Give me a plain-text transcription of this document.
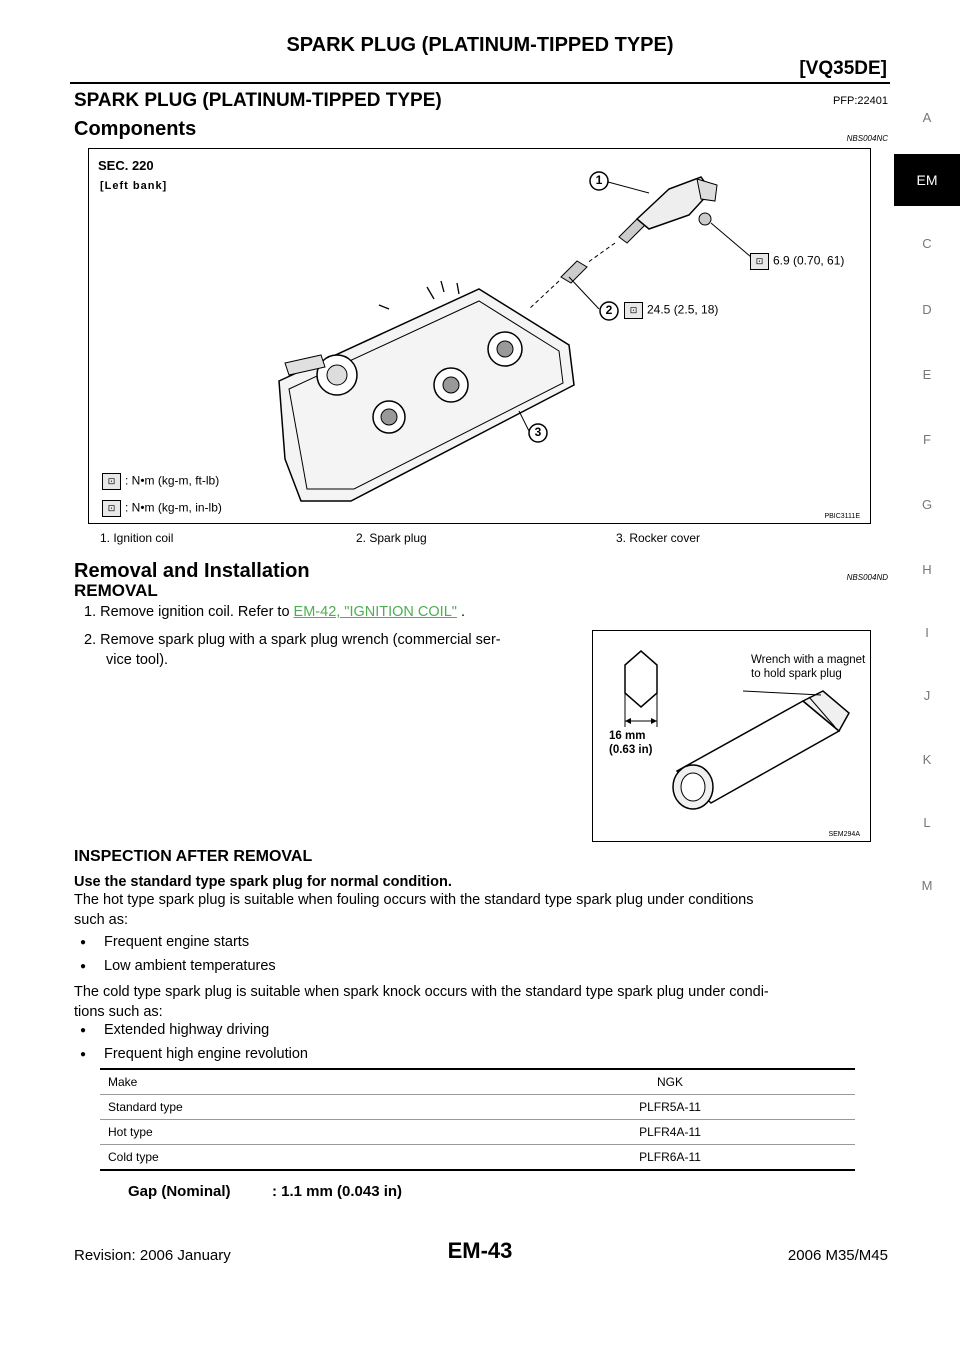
SPARK PLUG (PLATINUM-TIPPED TYPE)
[VQ35DE]
A
EM
C
D
E
F
G
H
I
J
K
L
M
SPARK PLUG (PLATINUM-TIPPED TYPE)	PFP:22401
Components	NBS004NC
SEC. 220
[Left bank]	1
2
3
⊡ 6.9 (0.70, 61)
⊡ 24.5 (2.5, 18)
⊡ : N•m (kg-m, ft-lb)
⊡ : N•m (kg-m, in-lb)
PBIC3111E
1. Ignition coil	2. Spark plug	3. Rocker cover
Removal and Installation	NBS004ND
REMOVAL
1. Remove ignition coil. Refer to EM-42, "IGNITION COIL" .
2. Remove spark plug with a spark plug wrench (commercial ser-
vice tool).	Wrench with a magnet
to hold spark plug
16 mm
(0.63 in)
SEM294A
INSPECTION AFTER REMOVAL
Use the standard type spark plug for normal condition.
The hot type spark plug is suitable when fouling occurs with the standard type spark plug under conditions
such as:
● Frequent engine starts
● Low ambient temperatures
The cold type spark plug is suitable when spark knock occurs with the standard type spark plug under condi-
tions such as:
● Extended highway driving
● Frequent high engine revolution
Make	NGK
Standard type	PLFR5A-11
Hot type	PLFR4A-11
Cold type	PLFR6A-11
Gap (Nominal)	: 1.1 mm (0.043 in)
Revision: 2006 January	EM-43	2006 M35/M45
